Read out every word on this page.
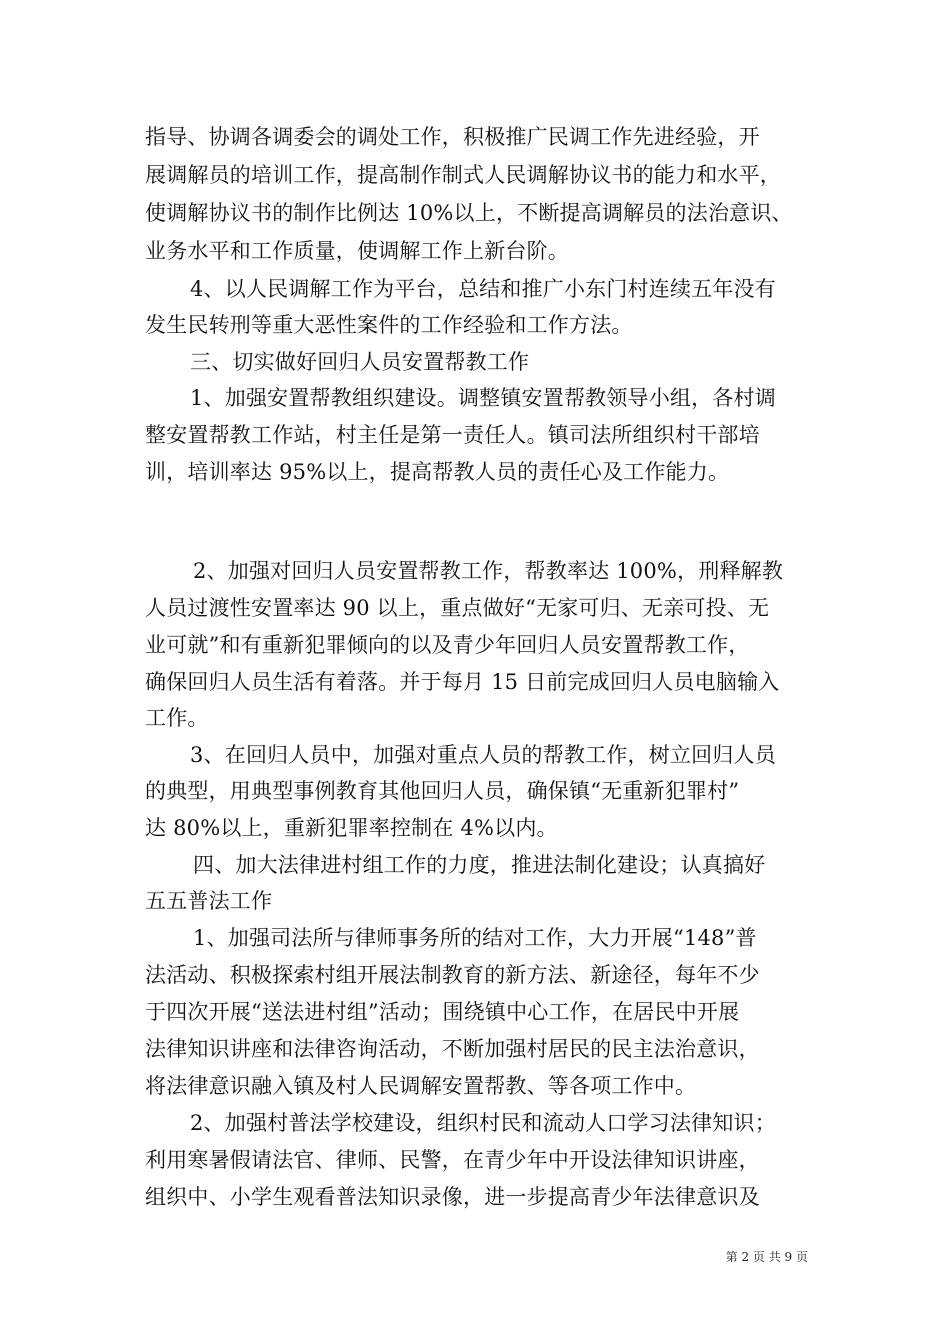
指导、协调各调委会的调处工作，积极推广民调工作先进经验，开
展调解员的培训工作，提高制作制式人民调解协议书的能力和水平，
使调解协议书的制作比例达 10%以上，不断提高调解员的法治意识、
业务水平和工作质量，使调解工作上新台阶。
4、以人民调解工作为平台，总结和推广小东门村连续五年没有
发生民转刑等重大恶性案件的工作经验和工作方法。
三、切实做好回归人员安置帮教工作
1、加强安置帮教组织建设。调整镇安置帮教领导小组，各村调
整安置帮教工作站，村主任是第一责任人。镇司法所组织村干部培
训，培训率达 95%以上，提高帮教人员的责任心及工作能力。
2、加强对回归人员安置帮教工作，帮教率达 100%，刑释解教
人员过渡性安置率达 90 以上，重点做好“无家可归、无亲可投、无
业可就”和有重新犯罪倾向的以及青少年回归人员安置帮教工作，
确保回归人员生活有着落。并于每月 15 日前完成回归人员电脑输入
工作。
3、在回归人员中，加强对重点人员的帮教工作，树立回归人员
的典型，用典型事例教育其他回归人员，确保镇“无重新犯罪村”
达 80%以上，重新犯罪率控制在 4%以内。
四、加大法律进村组工作的力度，推进法制化建设；认真搞好
五五普法工作
1、加强司法所与律师事务所的结对工作，大力开展“148”普
法活动、积极探索村组开展法制教育的新方法、新途径，每年不少
于四次开展“送法进村组”活动；围绕镇中心工作，在居民中开展
法律知识讲座和法律咨询活动，不断加强村居民的民主法治意识，
将法律意识融入镇及村人民调解安置帮教、等各项工作中。
2、加强村普法学校建设，组织村民和流动人口学习法律知识；
利用寒暑假请法官、律师、民警，在青少年中开设法律知识讲座，
组织中、小学生观看普法知识录像，进一步提高青少年法律意识及
第 2 页 共 9 页
